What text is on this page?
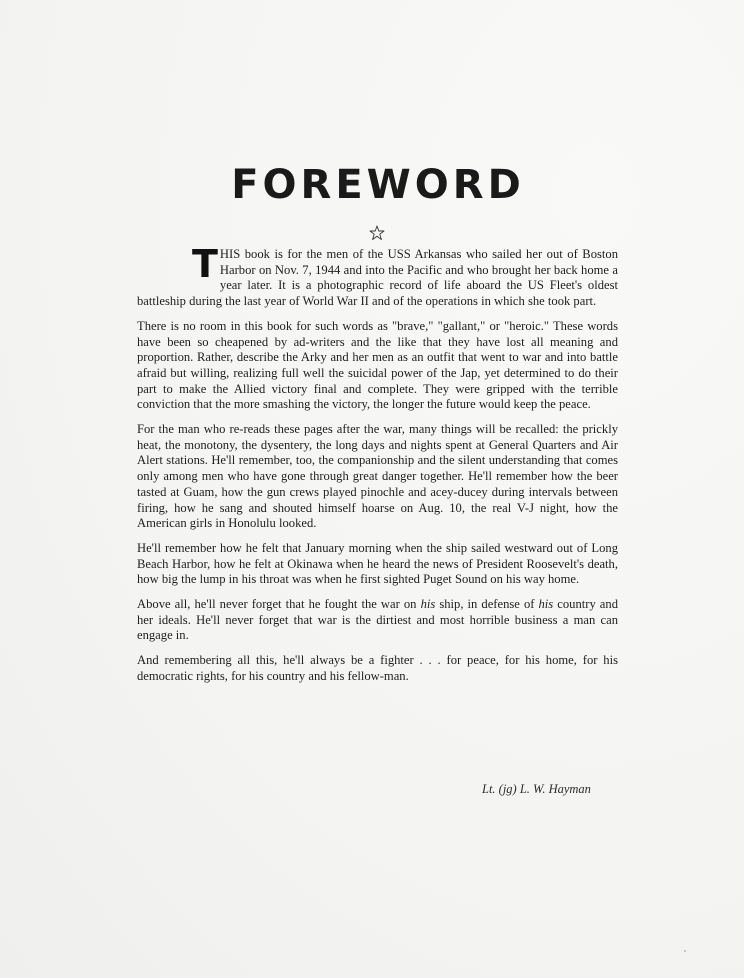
FOREWORD

THIS book is for the men of the USS Arkansas who sailed her out of Boston Harbor on Nov. 7, 1944 and into the Pacific and who brought her back home a year later. It is a photographic record of life aboard the US Fleet's oldest battleship during the last year of World War II and of the operations in which she took part.

There is no room in this book for such words as "brave," "gallant," or "heroic." These words have been so cheapened by ad-writers and the like that they have lost all meaning and proportion. Rather, describe the Arky and her men as an outfit that went to war and into battle afraid but willing, realizing full well the suicidal power of the Jap, yet determined to do their part to make the Allied victory final and complete. They were gripped with the terrible conviction that the more smashing the victory, the longer the future would keep the peace.

For the man who re-reads these pages after the war, many things will be recalled: the prickly heat, the monotony, the dysentery, the long days and nights spent at General Quarters and Air Alert stations. He'll remember, too, the companionship and the silent understanding that comes only among men who have gone through great danger together. He'll remember how the beer tasted at Guam, how the gun crews played pinochle and acey-ducey during intervals between firing, how he sang and shouted himself hoarse on Aug. 10, the real V-J night, how the American girls in Honolulu looked.

He'll remember how he felt that January morning when the ship sailed westward out of Long Beach Harbor, how he felt at Okinawa when he heard the news of President Roosevelt's death, how big the lump in his throat was when he first sighted Puget Sound on his way home.

Above all, he'll never forget that he fought the war on his ship, in defense of his country and her ideals. He'll never forget that war is the dirtiest and most horrible business a man can engage in.

And remembering all this, he'll always be a fighter . . . for peace, for his home, for his democratic rights, for his country and his fellow-man.

Lt. (jg) L. W. Hayman
